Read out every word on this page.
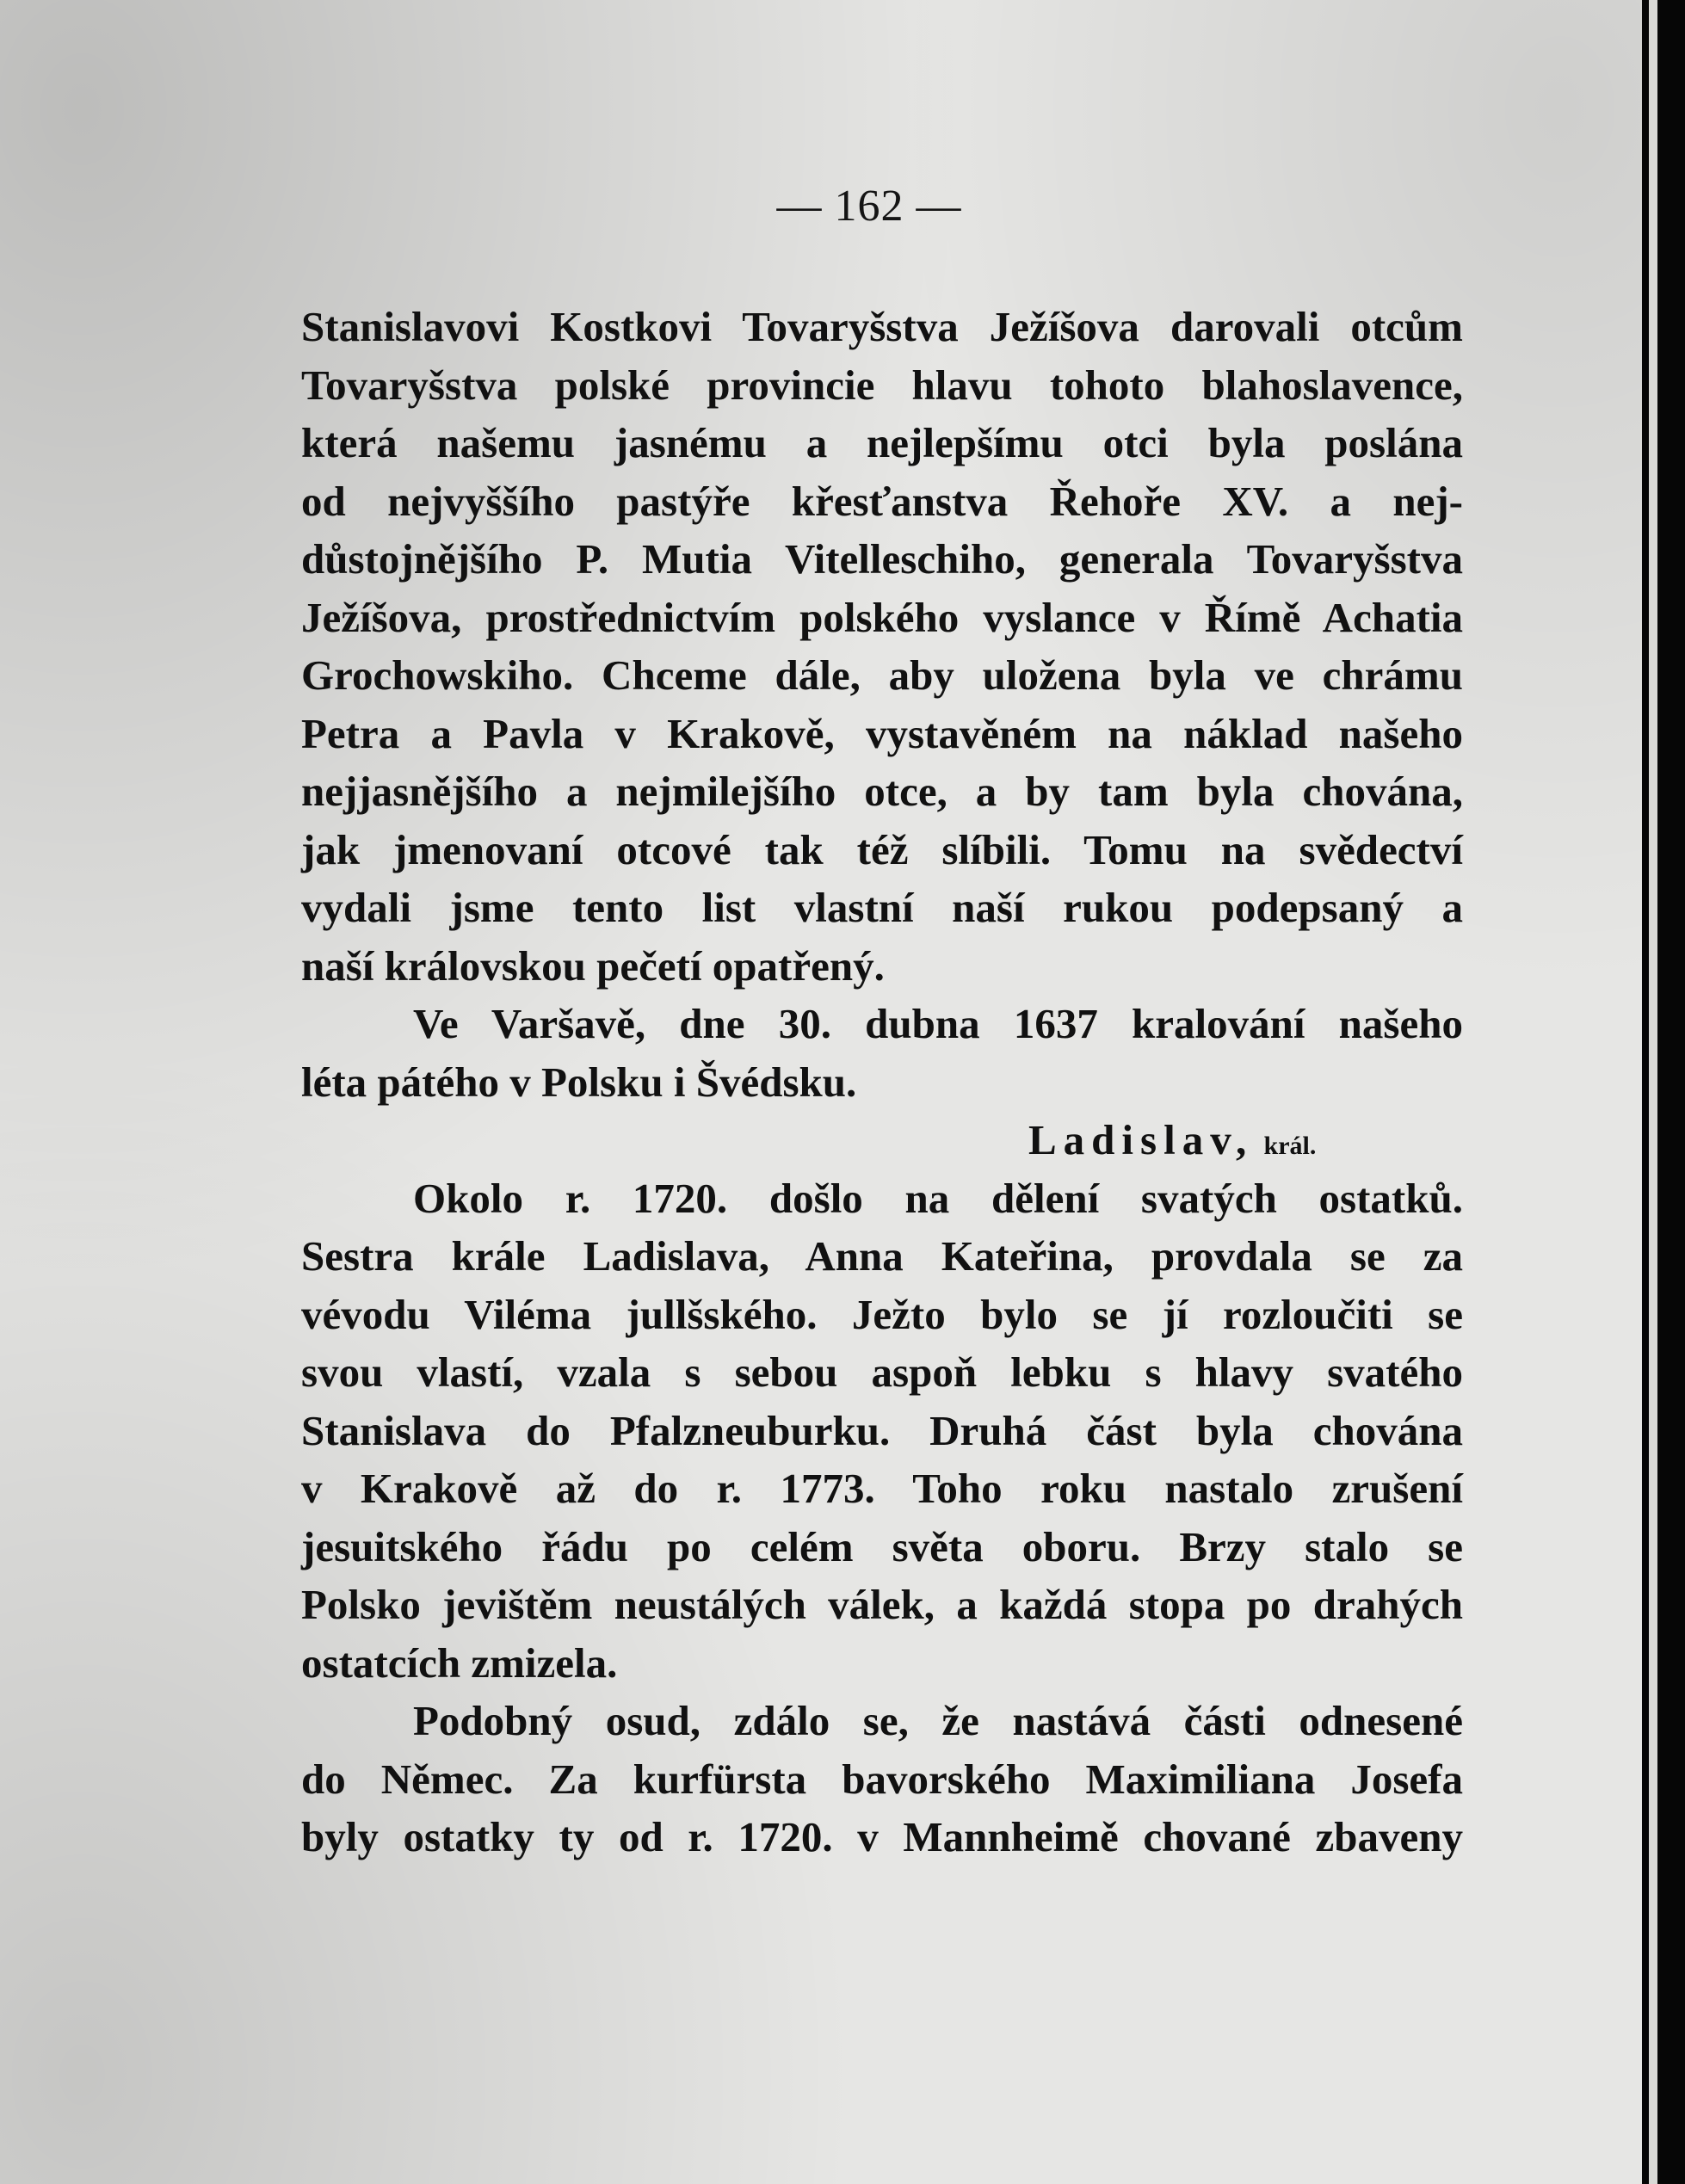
— 162 —
Stanislavovi Kostkovi Tovaryšstva Ježíšova darovali otcům
Tovaryšstva polské provincie hlavu tohoto blahoslavence,
která našemu jasnému a nejlepšímu otci byla poslána
od nejvyššího pastýře křesťanstva Řehoře XV. a nej-
důstojnějšího P. Mutia Vitelleschiho, generala Tovaryšstva
Ježíšova, prostřednictvím polského vyslance v Římě Achatia
Grochowskiho. Chceme dále, aby uložena byla ve chrámu
Petra a Pavla v Krakově, vystavěném na náklad našeho
nejjasnějšího a nejmilejšího otce, a by tam byla chována,
jak jmenovaní otcové tak též slíbili. Tomu na svědectví
vydali jsme tento list vlastní naší rukou podepsaný a
naší královskou pečetí opatřený.
Ve Varšavě, dne 30. dubna 1637 kralování našeho
léta pátého v Polsku i Švédsku.
Ladislav, král.
Okolo r. 1720. došlo na dělení svatých ostatků.
Sestra krále Ladislava, Anna Kateřina, provdala se za
vévodu Viléma jullšského. Ježto bylo se jí rozloučiti se
svou vlastí, vzala s sebou aspoň lebku s hlavy svatého
Stanislava do Pfalzneuburku. Druhá část byla chována
v Krakově až do r. 1773. Toho roku nastalo zrušení
jesuitského řádu po celém světa oboru. Brzy stalo se
Polsko jevištěm neustálých válek, a každá stopa po drahých
ostatcích zmizela.
Podobný osud, zdálo se, že nastává části odnesené
do Němec. Za kurfürsta bavorského Maximiliana Josefa
byly ostatky ty od r. 1720. v Mannheimě chované zbaveny
